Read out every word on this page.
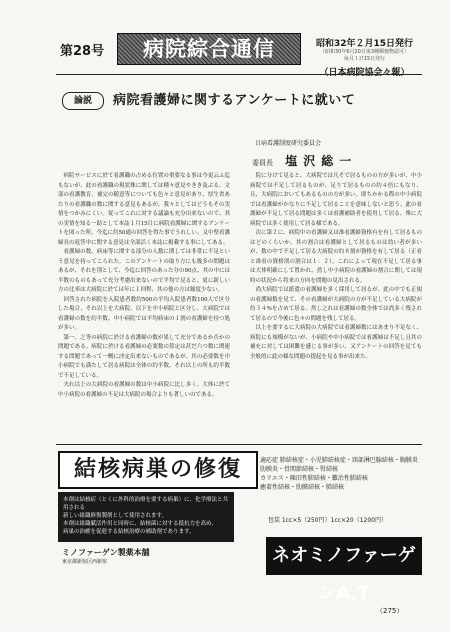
第28号	病院綜合通信	昭和32年２月15日発行
（昭和30年6月20日第3種郵便物認可）
毎月１日15日発行
（日本病院協会々報）
論説	病院看護婦に関するアンケートに就いて
日病看護制度研究委員会
委員長 塩沢総一

病院サービスに於て看護職の占める位置の重要なる事は今更云ふ迄もないが、此の看護職の現状殊に関しては種々意見やきき及ぶる。文部の看護教育、補完の随意等についても色々と意見があり、厚生省あたりの看護職の数に関する意見もあるが、我々としてはどうもその実情をつかみにくい。従ってこれに対する議論も充分出来ないので、其の実情を知る一助として本誌１月15日に病院看護婦に関するアンケートを図った所、今迄に約50通の回答を得た事でうれしい。又中堅看護婦長の返答中に関する意見は全部活く本誌に掲載する事にしてある。

看護婦の数、病床等に関する部分の人数に関しては非常に不足という意見を持ってこられた。このアンケートの取り方にも幾多の問題はあるが、それを別として、今迄に回答のあった分の90点、其の中には半数のものもあって充分考慮出来ないので平均で見ると、更に新しい方の比率は大病院に於ては年に１回程、其の他の方は頻度少ない。

回答された病院を入院患者数約500の平均入院患者数100人で区分した場合、それ以上を大病院、以下を中小病院と区分し、大病院では看護婦の数を約半数、中小病院では平均病床の１割の看護婦を持つ処が多い。

第一、之等の病院に於ける看護婦の数が果して充分であるか否かの問題である。病院に於ける看護婦の必要数の算定は甚だ六つ数に関連する問題であって一概に決定出来ないものであるが、其の必要数を中小病院でも満たして居る病院は全体の約半数、それ以上の所も約半数で不足している。

夫れ以上の大病院の看護婦の数は中小病院に比し多く、大体に於て中小病院の看護婦の不足は大病院の場合よりも著しいのである。

院に分けて見ると、大病院では凡そで居るものの方が多いが、中小病院では不足して居るものが、足りて居るものの約４倍にもなり、且、大病院においてもあるものの方が多い。即ちかかる際の中小病院では看護婦がかなりに不足して居ることを意味しないと思う。此の看護婦が不足して居る問題は多くは看護補助者を使用して居る、殊に大病院では多く使用して居る様である。

次に第２に、病院中の看護婦又は准看護婦資格有を有して居るものはどのくらいか、其の割合は看護婦として居るものは幼い者が多いが、数の中で不足して居る大病院の約８割が資格を有して居る（正看と准看の資格別の割合は１：２）。これによって現在不足して居る事は大体明確にして置かれ、然し中小病院の看護婦の割合に関しては現時の状況から将来の方向を問題の見出される。

尚大病院では派遣の看護婦を多く採用して居るが、此の中でも正規の看護婦数を見て、その看護婦が大病院の方が不足している大病院が約３４%を占めて居る。然し之れは看護婦の数全体では尚多く残されて居るので今後に色々の問題を残して居る。

以上を要するに大病院の大病院では看護婦数にはあまり不足なく、病院にも規模がないが、小病院や中小病院では看護婦は不足し且其の補充に対しては困難を感じる事が多い、又アンケートの回答を見ても全般的に此の様な問題の提起を見る事が出来た。

結核病巣の修復	適応症 肺結核症・小児肺結核症・頸部淋巴腺結核・胸膜炎

肋膜炎・骨関節結核・腎結核

カリエス・陳旧性肺結核・難治性肺結核

癒着性結核・肋膜結核・肺結核

本剤は結核症（とくに外科的治療を要する病巣）に、化学療法と共用される

新しい組織修復製剤として使用されます。

本剤は組織賦活作用と同時に、結核菌に対する抵抗力を高め、

病巣の治癒を促進する結核治療の補助剤であります。

ミノファーゲン製薬本舗
東京都新宿区西新宿
包装 1cc×5（250円）1cc×20（1200円）
ネオミノファーゲンA.T
（275）
